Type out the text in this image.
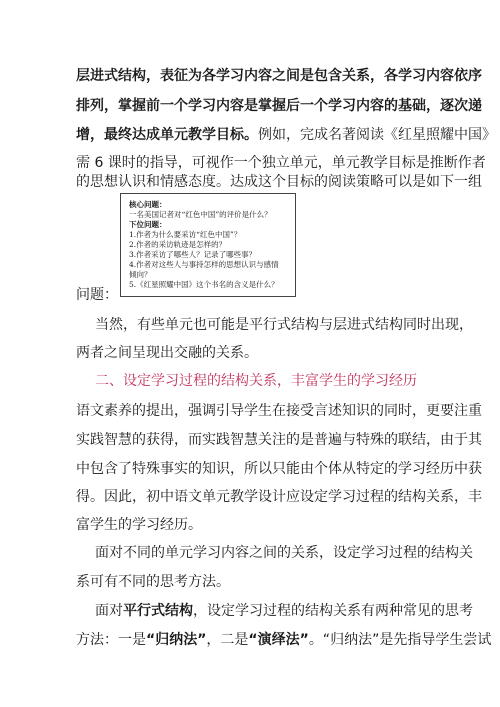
层进式结构，表征为各学习内容之间是包含关系，各学习内容依序
排列，掌握前一个学习内容是掌握后一个学习内容的基础，逐次递
增，最终达成单元教学目标。例如，完成名著阅读《红星照耀中国》
需 6 课时的指导，可视作一个独立单元，单元教学目标是推断作者
的思想认识和情感态度。达成这个目标的阅读策略可以是如下一组
核心问题：
一名美国记者对“红色中国”的评价是什么？
下位问题：
1.作者为什么要采访“红色中国”？
2.作者的采访轨迹是怎样的？
3.作者采访了哪些人？记录了哪些事？
4.作者对这些人与事持怎样的思想认识与感情
倾向？
5.《红星照耀中国》这个书名的含义是什么？
问题：
当然，有些单元也可能是平行式结构与层进式结构同时出现，
两者之间呈现出交融的关系。
二、设定学习过程的结构关系，丰富学生的学习经历
语文素养的提出，强调引导学生在接受言述知识的同时，更要注重
实践智慧的获得，而实践智慧关注的是普遍与特殊的联结，由于其
中包含了特殊事实的知识，所以只能由个体从特定的学习经历中获
得。因此，初中语文单元教学设计应设定学习过程的结构关系，丰
富学生的学习经历。
面对不同的单元学习内容之间的关系，设定学习过程的结构关
系可有不同的思考方法。
面对平行式结构，设定学习过程的结构关系有两种常见的思考
方法：一是“归纳法”，二是“演绎法”。“归纳法”是先指导学生尝试
